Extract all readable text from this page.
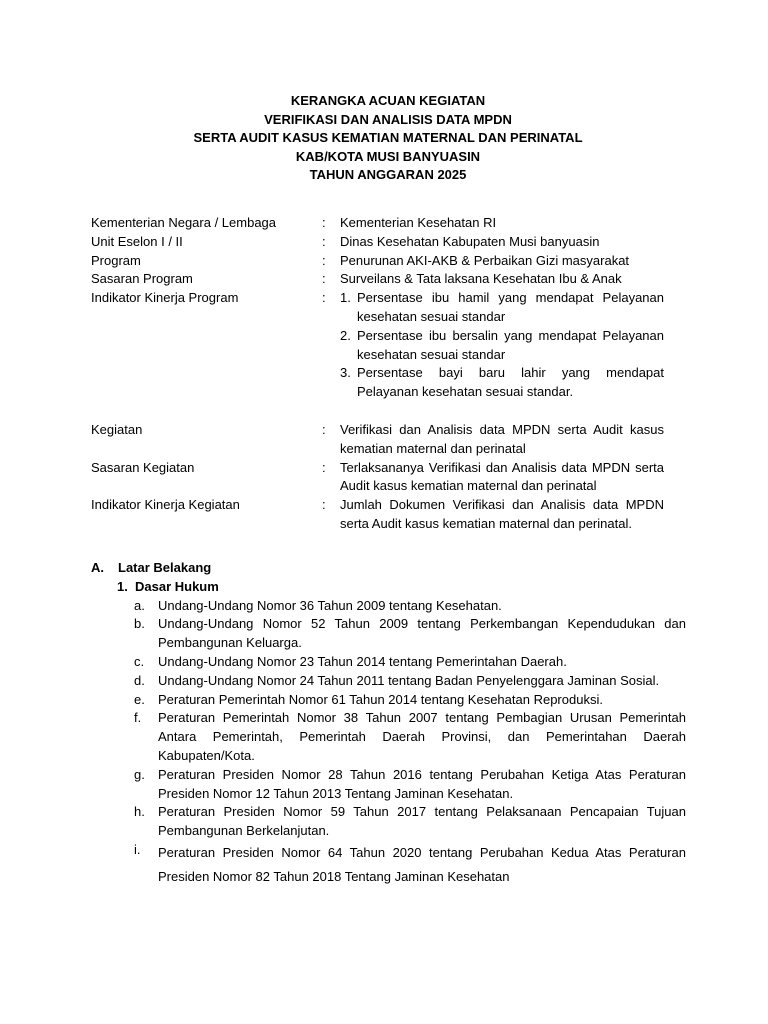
KERANGKA ACUAN KEGIATAN
VERIFIKASI DAN ANALISIS DATA MPDN
SERTA AUDIT KASUS KEMATIAN MATERNAL DAN PERINATAL
KAB/KOTA MUSI BANYUASIN
TAHUN ANGGARAN 2025
Kementerian Negara / Lembaga	:	Kementerian Kesehatan RI
Unit Eselon I / II	:	Dinas Kesehatan Kabupaten Musi banyuasin
Program	:	Penurunan AKI-AKB & Perbaikan Gizi masyarakat
Sasaran Program	:	Surveilans & Tata laksana Kesehatan Ibu & Anak
Indikator Kinerja Program	:	1. Persentase ibu hamil yang mendapat Pelayanan kesehatan sesuai standar
2. Persentase ibu bersalin yang mendapat Pelayanan kesehatan sesuai standar
3. Persentase bayi baru lahir yang mendapat Pelayanan kesehatan sesuai standar.
Kegiatan	:	Verifikasi dan Analisis data MPDN serta Audit kasus kematian maternal dan perinatal
Sasaran Kegiatan	:	Terlaksananya Verifikasi dan Analisis data MPDN serta Audit kasus kematian maternal dan perinatal
Indikator Kinerja Kegiatan	:	Jumlah Dokumen Verifikasi dan Analisis data MPDN serta Audit kasus kematian maternal dan perinatal.
A.	Latar Belakang
1. Dasar Hukum
a.	Undang-Undang Nomor 36 Tahun 2009 tentang Kesehatan.
b.	Undang-Undang Nomor 52 Tahun 2009 tentang Perkembangan Kependudukan dan Pembangunan Keluarga.
c.	Undang-Undang Nomor 23 Tahun 2014 tentang Pemerintahan Daerah.
d.	Undang-Undang Nomor 24 Tahun 2011 tentang Badan Penyelenggara Jaminan Sosial.
e.	Peraturan Pemerintah Nomor 61 Tahun 2014 tentang Kesehatan Reproduksi.
f.	Peraturan Pemerintah Nomor 38 Tahun 2007 tentang Pembagian Urusan Pemerintah Antara Pemerintah, Pemerintah Daerah Provinsi, dan Pemerintahan Daerah Kabupaten/Kota.
g.	Peraturan Presiden Nomor 28 Tahun 2016 tentang Perubahan Ketiga Atas Peraturan Presiden Nomor 12 Tahun 2013 Tentang Jaminan Kesehatan.
h.	Peraturan Presiden Nomor 59 Tahun 2017 tentang Pelaksanaan Pencapaian Tujuan Pembangunan Berkelanjutan.
i.	Peraturan Presiden Nomor 64 Tahun 2020 tentang Perubahan Kedua Atas Peraturan Presiden Nomor 82 Tahun 2018 Tentang Jaminan Kesehatan
